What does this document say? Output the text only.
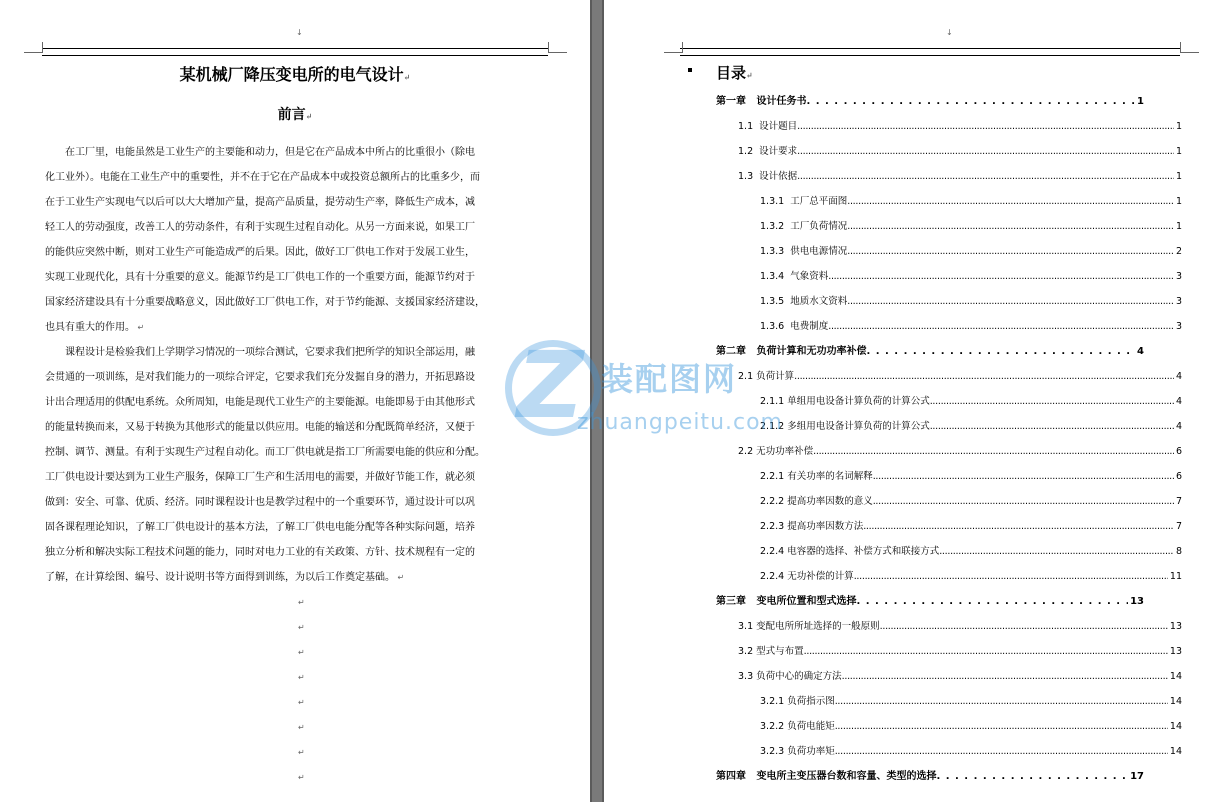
↓
某机械厂降压变电所的电气设计↵
前言↵
在工厂里，电能虽然是工业生产的主要能和动力，但是它在产品成本中所占的比重很小（除电
化工业外）。电能在工业生产中的重要性，并不在于它在产品成本中或投资总额所占的比重多少，而
在于工业生产实现电气以后可以大大增加产量，提高产品质量，提劳动生产率，降低生产成本，减
轻工人的劳动强度，改善工人的劳动条件，有利于实现生过程自动化。从另一方面来说，如果工厂
的能供应突然中断，则对工业生产可能造成严的后果。因此，做好工厂供电工作对于发展工业生，
实现工业现代化，具有十分重要的意义。能源节约是工厂供电工作的一个重要方面，能源节约对于
国家经济建设具有十分重要战略意义，因此做好工厂供电工作，对于节约能源、支援国家经济建设，
也具有重大的作用。 ↵
课程设计是检验我们上学期学习情况的一项综合测试，它要求我们把所学的知识全部运用，融
会贯通的一项训练，是对我们能力的一项综合评定，它要求我们充分发掘自身的潜力，开拓思路设
计出合理适用的供配电系统。众所周知，电能是现代工业生产的主要能源。电能即易于由其他形式
的能量转换而来，又易于转换为其他形式的能量以供应用。电能的输送和分配既简单经济，又便于
控制、调节、测量。有利于实现生产过程自动化。而工厂供电就是指工厂所需要电能的供应和分配。
工厂供电设计要达到为工业生产服务，保障工厂生产和生活用电的需要，并做好节能工作，就必须
做到：安全、可靠、优质、经济。同时课程设计也是教学过程中的一个重要环节，通过设计可以巩
固各课程理论知识，了解工厂供电设计的基本方法，了解工厂供电电能分配等各种实际问题，培养
独立分析和解决实际工程技术问题的能力，同时对电力工业的有关政策、方针、技术规程有一定的
了解，在计算绘图、编号、设计说明书等方面得到训练，为以后工作奠定基础。 ↵
↵
↵
↵
↵
↵
↵
↵
↵
↓
目录↵
第一章   设计任务书 . . .	1
1.1  设计题目 .....	1
1.2  设计要求 .....	1
1.3  设计依据 .....	1
1.3.1  工厂总平面图 .....	1
1.3.2  工厂负荷情况 .....	1
1.3.3  供电电源情况 .....	2
1.3.4  气象资料 .....	3
1.3.5  地质水文资料 .....	3
1.3.6  电费制度 .....	3
第二章   负荷计算和无功功率补偿 . . .	4
2.1 负荷计算 .....	4
2.1.1 单组用电设备计算负荷的计算公式 .....	4
2.1.2 多组用电设备计算负荷的计算公式 .....	4
2.2 无功功率补偿 .....	6
2.2.1 有关功率的名词解释 .....	6
2.2.2 提高功率因数的意义 .....	7
2.2.3 提高功率因数方法 .....	7
2.2.4 电容器的选择、补偿方式和联接方式 .....	8
2.2.4 无功补偿的计算 .....	11
第三章   变电所位置和型式选择 . . .	13
3.1 变配电所所址选择的一般原则 .....	13
3.2 型式与布置 .....	13
3.3 负荷中心的确定方法 .....	14
3.2.1 负荷指示图 .....	14
3.2.2 负荷电能矩 .....	14
3.2.3 负荷功率矩 .....	14
第四章   变电所主变压器台数和容量、类型的选择 . . .	17
Z 装配图网
zhuangpeitu.com
